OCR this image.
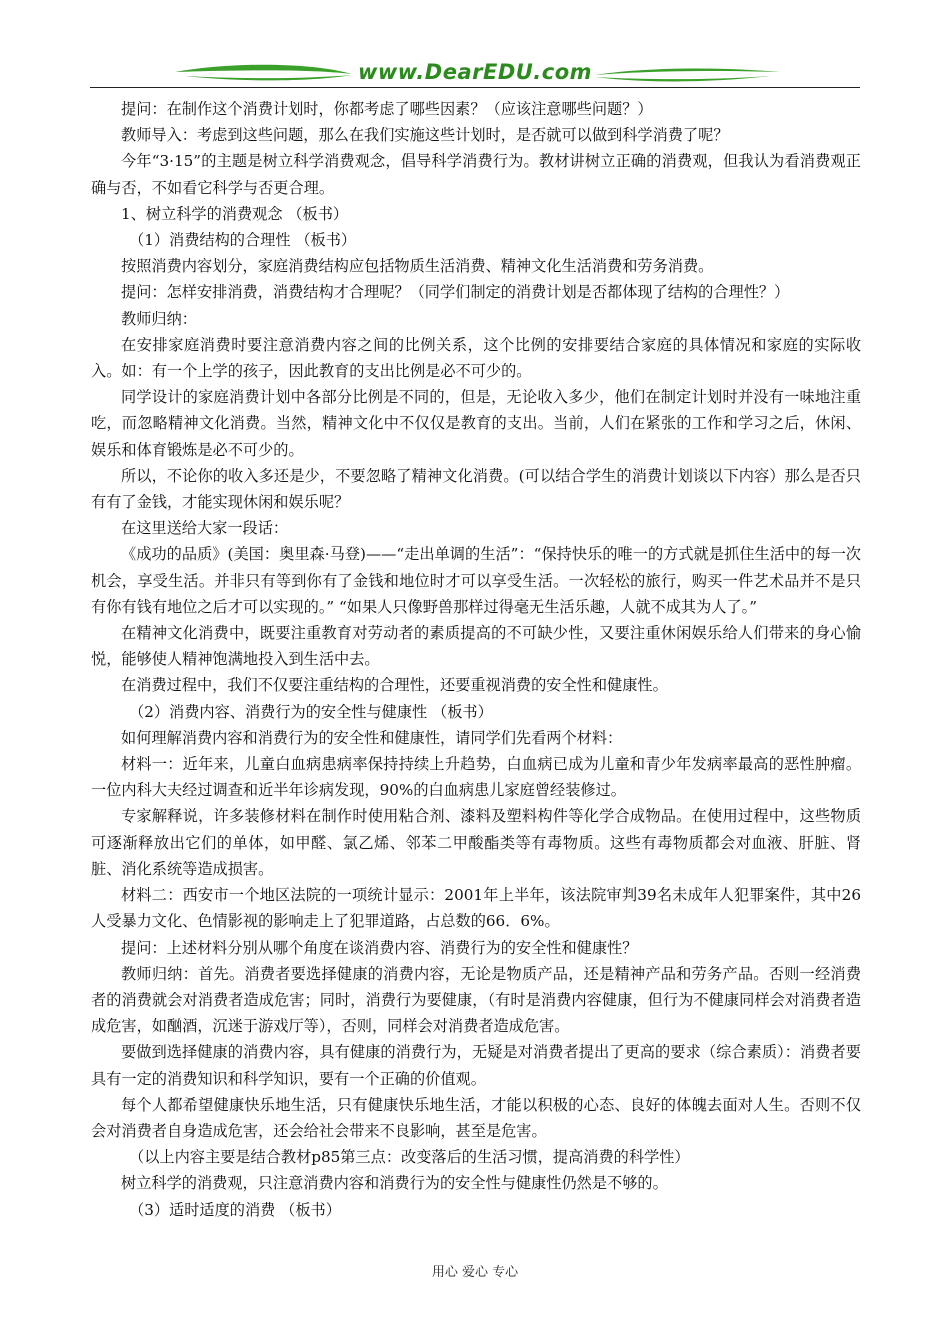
www.DearEDU.com

提问：在制作这个消费计划时，你都考虑了哪些因素？（应该注意哪些问题？）

教师导入：考虑到这些问题，那么在我们实施这些计划时，是否就可以做到科学消费了呢？

今年“3·15”的主题是树立科学消费观念，倡导科学消费行为。教材讲树立正确的消费观，但我认为看消费观正确与否，不如看它科学与否更合理。

1、树立科学的消费观念 （板书）

（1）消费结构的合理性 （板书）

按照消费内容划分，家庭消费结构应包括物质生活消费、精神文化生活消费和劳务消费。

提问：怎样安排消费，消费结构才合理呢？（同学们制定的消费计划是否都体现了结构的合理性？）

教师归纳：

在安排家庭消费时要注意消费内容之间的比例关系，这个比例的安排要结合家庭的具体情况和家庭的实际收入。如：有一个上学的孩子，因此教育的支出比例是必不可少的。

同学设计的家庭消费计划中各部分比例是不同的，但是，无论收入多少，他们在制定计划时并没有一味地注重吃，而忽略精神文化消费。当然，精神文化中不仅仅是教育的支出。当前，人们在紧张的工作和学习之后，休闲、娱乐和体育锻炼是必不可少的。

所以，不论你的收入多还是少，不要忽略了精神文化消费。(可以结合学生的消费计划谈以下内容）那么是否只有有了金钱，才能实现休闲和娱乐呢？

在这里送给大家一段话：

《成功的品质》(美国：奥里森·马登)——“走出单调的生活”：“保持快乐的唯一的方式就是抓住生活中的每一次机会，享受生活。并非只有等到你有了金钱和地位时才可以享受生活。一次轻松的旅行，购买一件艺术品并不是只有你有钱有地位之后才可以实现的。” “如果人只像野兽那样过得毫无生活乐趣，人就不成其为人了。”

在精神文化消费中，既要注重教育对劳动者的素质提高的不可缺少性，又要注重休闲娱乐给人们带来的身心愉悦，能够使人精神饱满地投入到生活中去。

在消费过程中，我们不仅要注重结构的合理性，还要重视消费的安全性和健康性。

（2）消费内容、消费行为的安全性与健康性 （板书）

如何理解消费内容和消费行为的安全性和健康性，请同学们先看两个材料：

材料一：近年来，儿童白血病患病率保持持续上升趋势，白血病已成为儿童和青少年发病率最高的恶性肿瘤。一位内科大夫经过调查和近半年诊病发现，90%的白血病患儿家庭曾经装修过。

专家解释说，许多装修材料在制作时使用粘合剂、漆料及塑料构件等化学合成物品。在使用过程中，这些物质可逐渐释放出它们的单体，如甲醛、氯乙烯、邻苯二甲酸酯类等有毒物质。这些有毒物质都会对血液、肝脏、肾脏、消化系统等造成损害。

材料二：西安市一个地区法院的一项统计显示：2001年上半年，该法院审判39名未成年人犯罪案件，其中26人受暴力文化、色情影视的影响走上了犯罪道路，占总数的66．6%。

提问：上述材料分别从哪个角度在谈消费内容、消费行为的安全性和健康性？

教师归纳：首先。消费者要选择健康的消费内容，无论是物质产品，还是精神产品和劳务产品。否则一经消费者的消费就会对消费者造成危害；同时，消费行为要健康，（有时是消费内容健康，但行为不健康同样会对消费者造成危害，如酗酒，沉迷于游戏厅等），否则，同样会对消费者造成危害。

要做到选择健康的消费内容，具有健康的消费行为，无疑是对消费者提出了更高的要求（综合素质）：消费者要具有一定的消费知识和科学知识，要有一个正确的价值观。

每个人都希望健康快乐地生活，只有健康快乐地生活，才能以积极的心态、良好的体魄去面对人生。否则不仅会对消费者自身造成危害，还会给社会带来不良影响，甚至是危害。

（以上内容主要是结合教材p85第三点：改变落后的生活习惯，提高消费的科学性）

树立科学的消费观，只注意消费内容和消费行为的安全性与健康性仍然是不够的。

（3）适时适度的消费 （板书）

用心 爱心 专心
